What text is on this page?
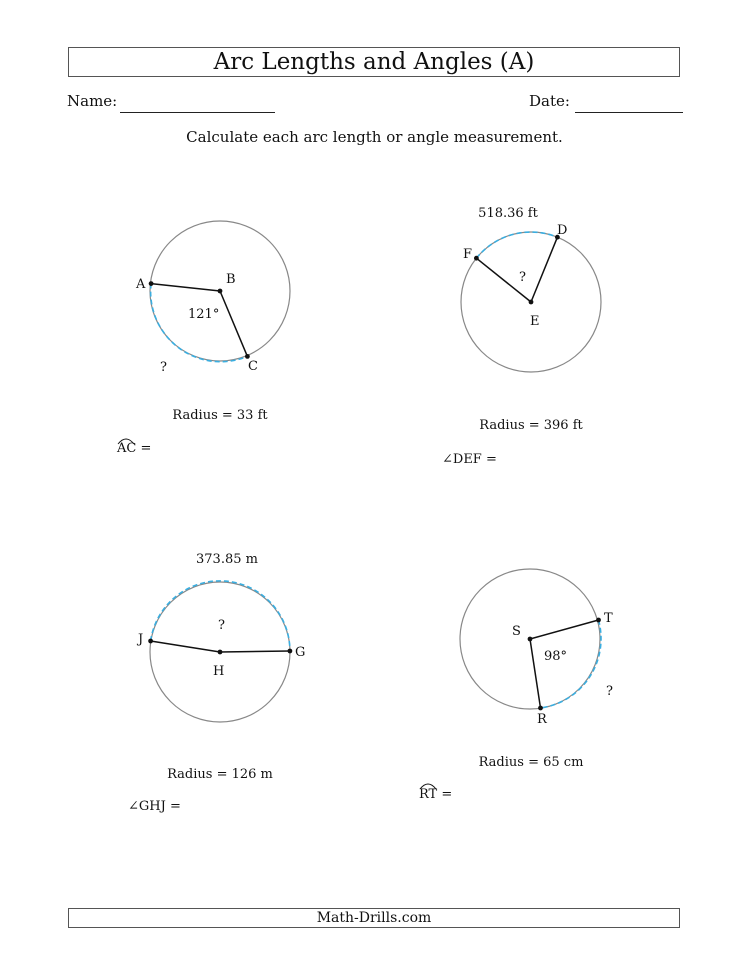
Arc Lengths and Angles (A)
Name:	Date:
Calculate each arc length or angle measurement.
A	B
C
121°
?
Radius = 33 ft
AC =
F
E
D
518.36 ft
?
Radius = 396 ft
∠DEF =
J
H
G
373.85 m
?
Radius = 126 m
∠GHJ =
S
T
R
98°
?
Radius = 65 cm
RT =
Math-Drills.com
